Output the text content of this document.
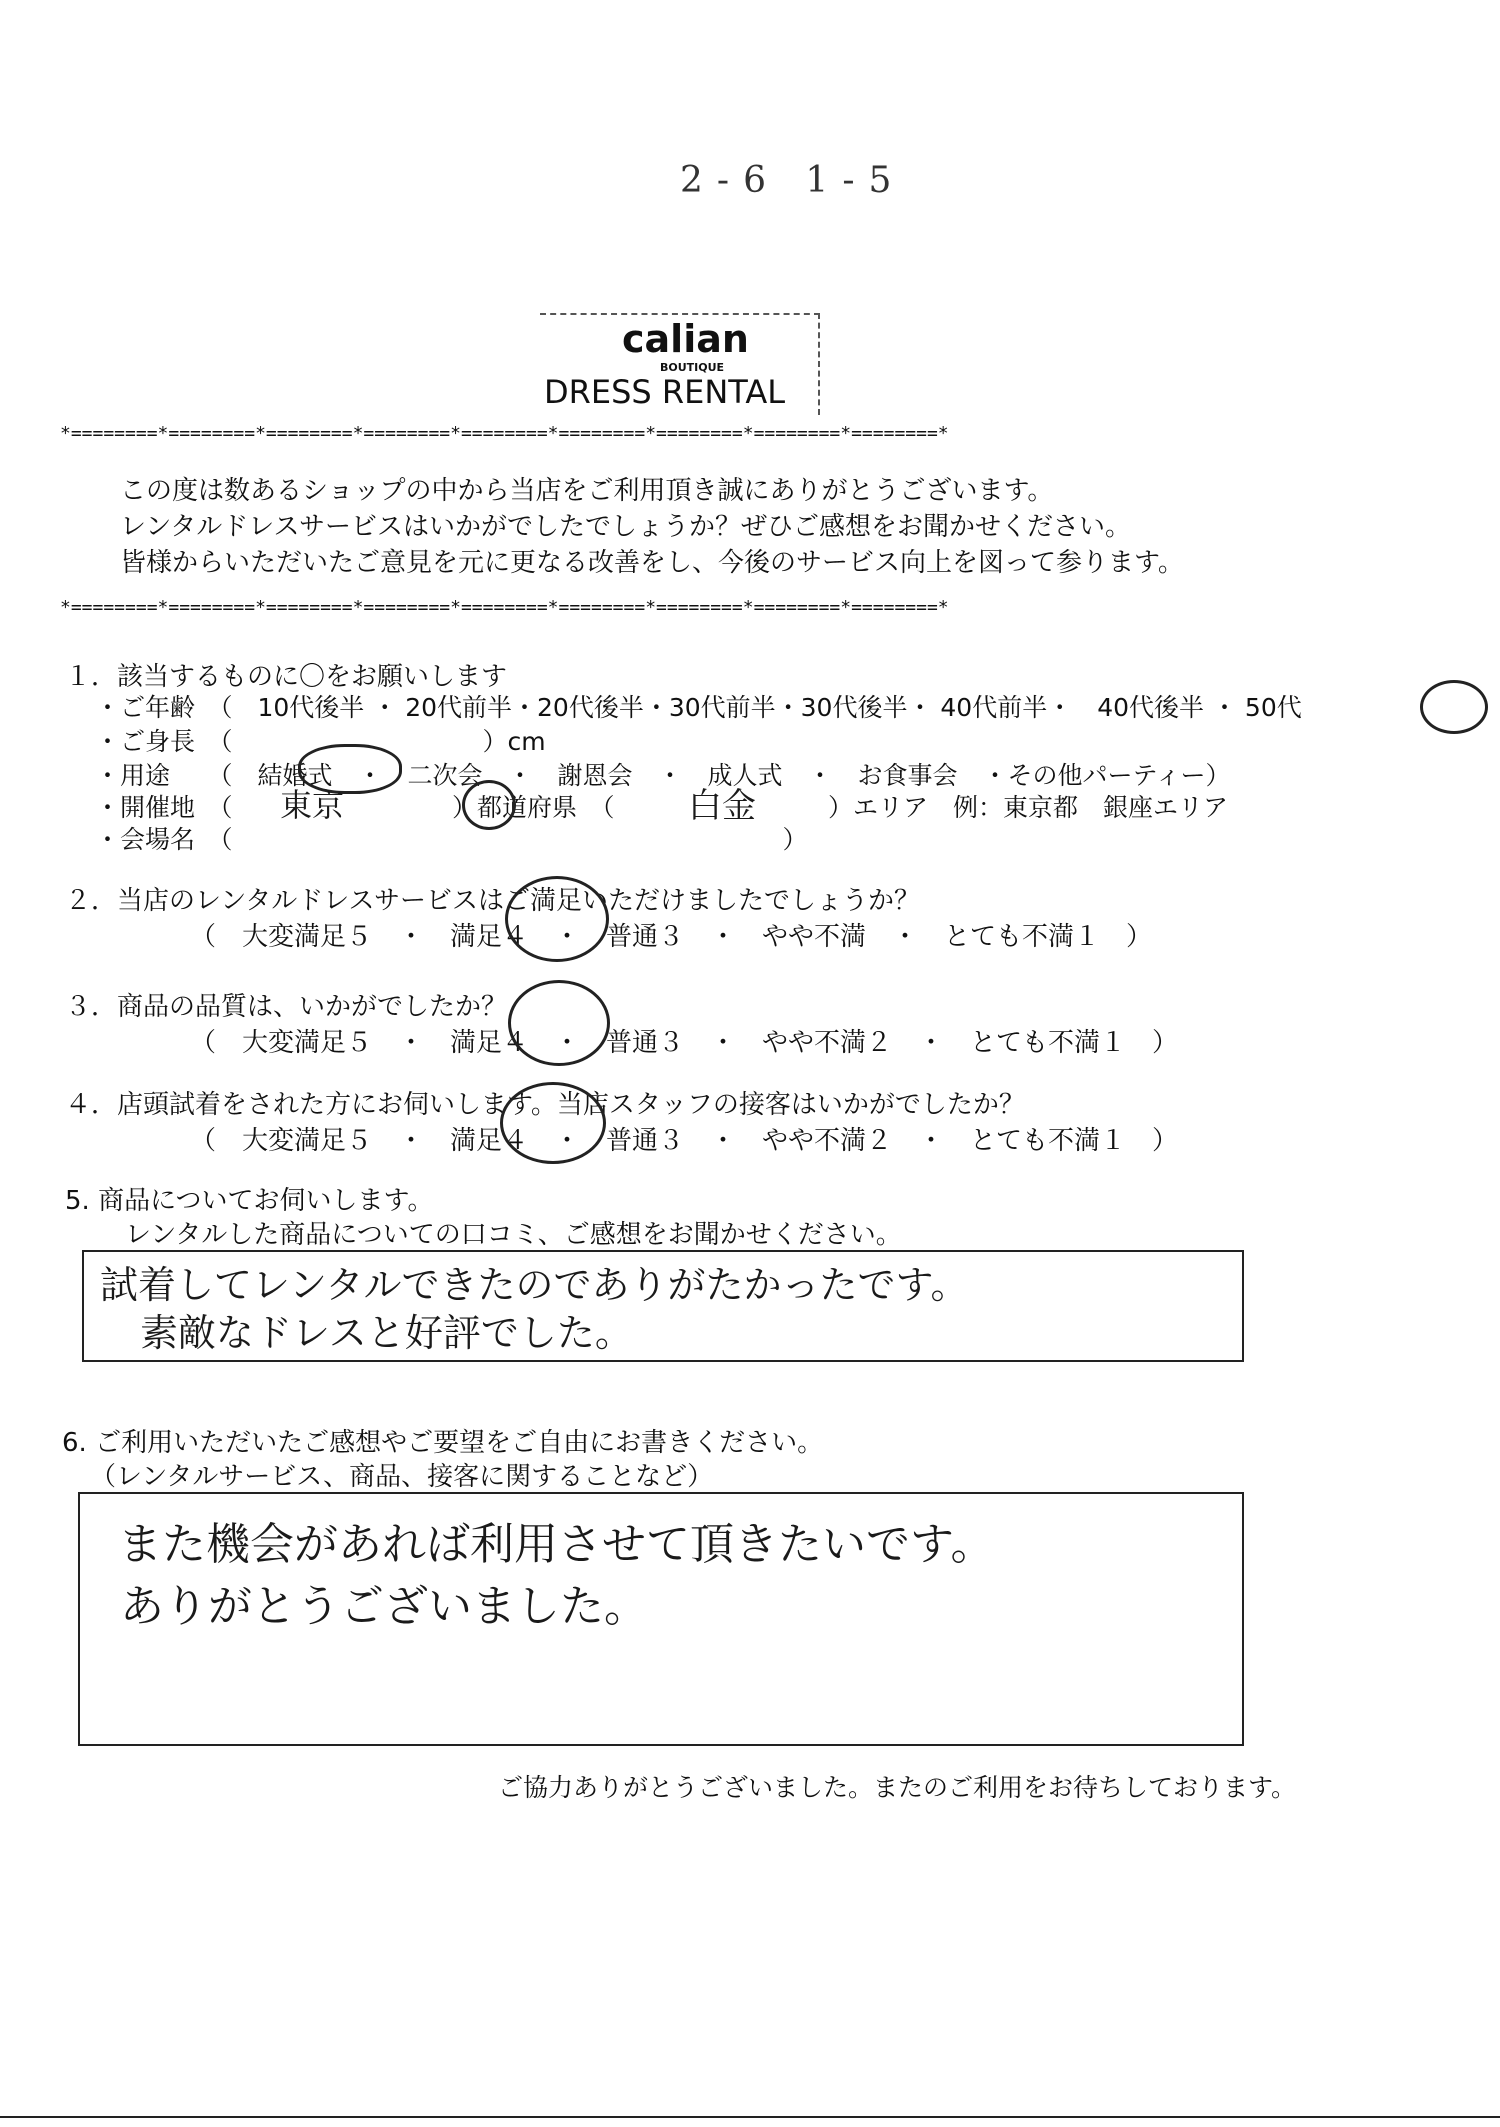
2-6 1-5
calian
BOUTIQUE
DRESS RENTAL
*========*========*========*========*========*========*========*========*========*
*========*========*========*========*========*========*========*========*========*
この度は数あるショップの中から当店をご利用頂き誠にありがとうございます。
レンタルドレスサービスはいかがでしたでしょうか？ぜひご感想をお聞かせください。
皆様からいただいたご意見を元に更なる改善をし、今後のサービス向上を図って参ります。
１．該当するものに〇をお願いします
・ご年齢　（　10代後半 ・ 20代前半・20代後半・30代前半・30代後半・ 40代前半・　40代後半 ・ 50代
・ご身長　（　　　　　　　　　　）cm
・用途　　（　結婚式　・　二次会　・　謝恩会　・　成人式　・　お食事会　・その他パーティー）
・開催地　（ 東京	）都道府県　（ 白金	）エリア　例：東京都　銀座エリア
・会場名　（　　　　　　　　　　　　　　　　　　　　　　）
２．当店のレンタルドレスサービスはご満足いただけましたでしょうか？
（　大変満足５　・　満足４　・　普通３　・　やや不満　・　とても不満１　）
３．商品の品質は、いかがでしたか？
（　大変満足５　・　満足４　・　普通３　・　やや不満２　・　とても不満１　）
４．店頭試着をされた方にお伺いします。当店スタッフの接客はいかがでしたか？
（　大変満足５　・　満足４　・　普通３　・　やや不満２　・　とても不満１　）
5. 商品についてお伺いします。
レンタルした商品についての口コミ、ご感想をお聞かせください。
試着してレンタルできたのでありがたかったです。
素敵なドレスと好評でした。
6. ご利用いただいたご感想やご要望をご自由にお書きください。
（レンタルサービス、商品、接客に関することなど）
また機会があれば利用させて頂きたいです。
ありがとうございました。
ご協力ありがとうございました。またのご利用をお待ちしております。
